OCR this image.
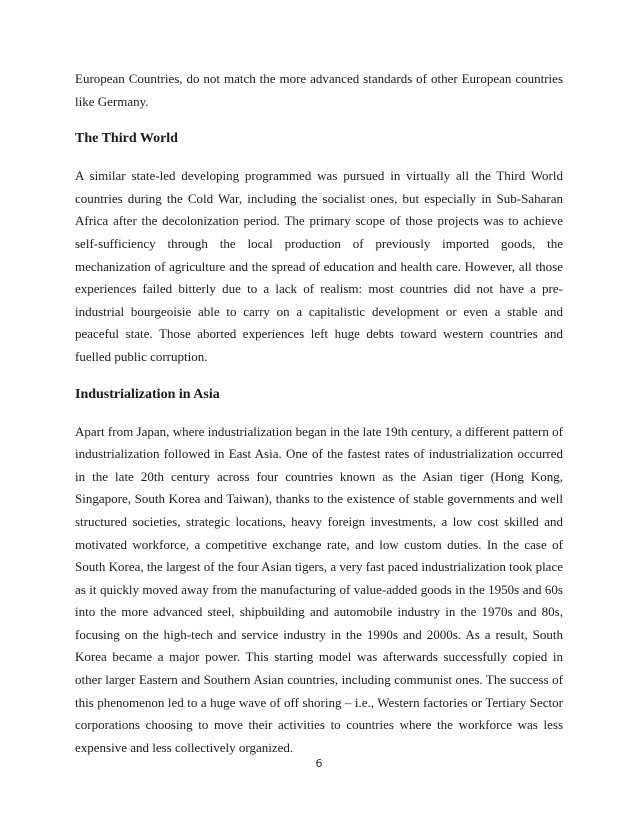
European Countries, do not match the more advanced standards of other European countries like Germany.

The Third World

A similar state-led developing programmed was pursued in virtually all the Third World countries during the Cold War, including the socialist ones, but especially in Sub-Saharan Africa after the decolonization period. The primary scope of those projects was to achieve self-sufficiency through the local production of previously imported goods, the mechanization of agriculture and the spread of education and health care. However, all those experiences failed bitterly due to a lack of realism: most countries did not have a pre-industrial bourgeoisie able to carry on a capitalistic development or even a stable and peaceful state. Those aborted experiences left huge debts toward western countries and fuelled public corruption.

Industrialization in Asia

Apart from Japan, where industrialization began in the late 19th century, a different pattern of industrialization followed in East Asia. One of the fastest rates of industrialization occurred in the late 20th century across four countries known as the Asian tiger (Hong Kong, Singapore, South Korea and Taiwan), thanks to the existence of stable governments and well structured societies, strategic locations, heavy foreign investments, a low cost skilled and motivated workforce, a competitive exchange rate, and low custom duties. In the case of South Korea, the largest of the four Asian tigers, a very fast paced industrialization took place as it quickly moved away from the manufacturing of value-added goods in the 1950s and 60s into the more advanced steel, shipbuilding and automobile industry in the 1970s and 80s, focusing on the high-tech and service industry in the 1990s and 2000s. As a result, South Korea became a major power. This starting model was afterwards successfully copied in other larger Eastern and Southern Asian countries, including communist ones. The success of this phenomenon led to a huge wave of off shoring – i.e., Western factories or Tertiary Sector corporations choosing to move their activities to countries where the workforce was less expensive and less collectively organized.

6
